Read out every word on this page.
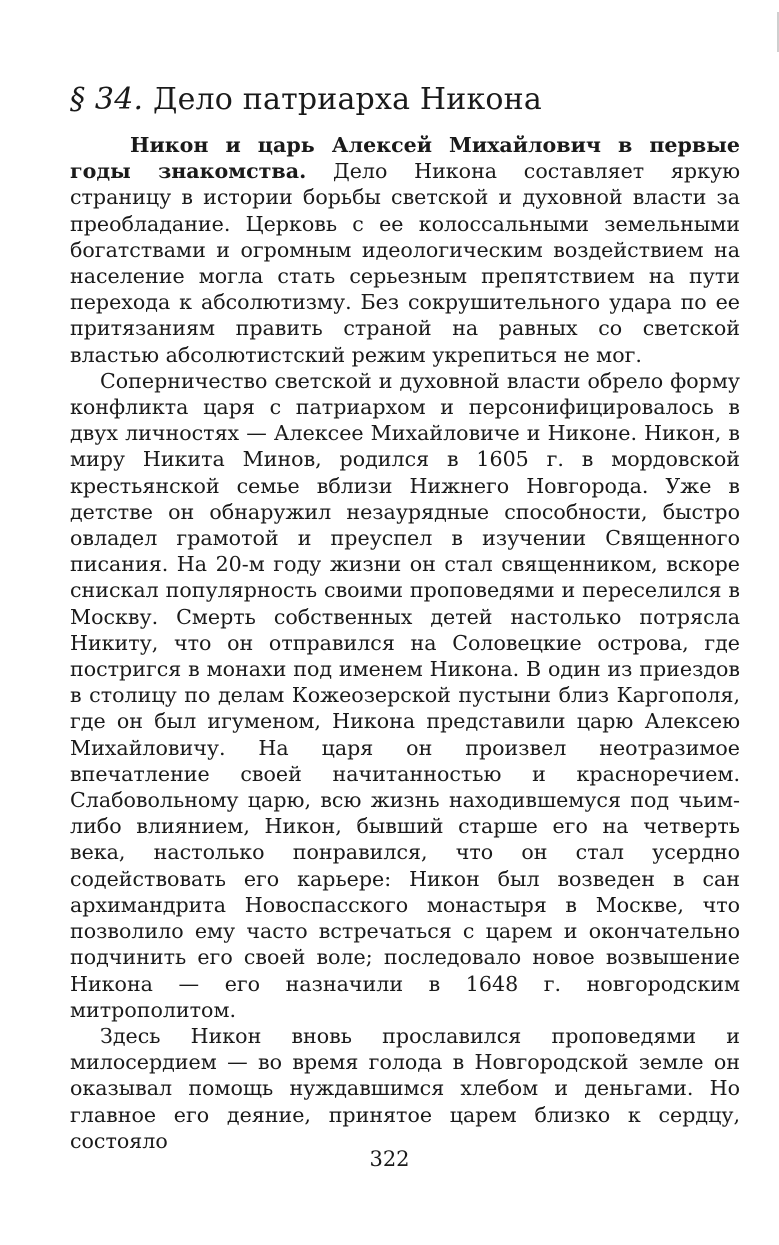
§ 34. Дело патриарха Никона

Никон и царь Алексей Михайлович в первые годы знакомства. Дело Никона составляет яркую страницу в истории борьбы светской и духовной власти за преобладание. Церковь с ее колоссальными земельными богатствами и огромным идеологическим воздействием на население могла стать серьезным препятствием на пути перехода к абсолютизму. Без сокрушительного удара по ее притязаниям править страной на равных со светской властью абсолютистский режим укрепиться не мог.

Соперничество светской и духовной власти обрело форму конфликта царя с патриархом и персонифицировалось в двух личностях — Алексее Михайловиче и Никоне. Никон, в миру Никита Минов, родился в 1605 г. в мордовской крестьянской семье вблизи Нижнего Новгорода. Уже в детстве он обнаружил незаурядные способности, быстро овладел грамотой и преуспел в изучении Священного писания. На 20-м году жизни он стал священником, вскоре снискал популярность своими проповедями и переселился в Москву. Смерть собственных детей настолько потрясла Никиту, что он отправился на Соловецкие острова, где постригся в монахи под именем Никона. В один из приездов в столицу по делам Кожеозерской пустыни близ Каргополя, где он был игуменом, Никона представили царю Алексею Михайловичу. На царя он произвел неотразимое впечатление своей начитанностью и красноречием. Слабовольному царю, всю жизнь находившемуся под чьим-либо влиянием, Никон, бывший старше его на четверть века, настолько понравился, что он стал усердно содействовать его карьере: Никон был возведен в сан архимандрита Новоспасского монастыря в Москве, что позволило ему часто встречаться с царем и окончательно подчинить его своей воле; последовало новое возвышение Никона — его назначили в 1648 г. новгородским митрополитом.

Здесь Никон вновь прославился проповедями и милосердием — во время голода в Новгородской земле он оказывал помощь нуждавшимся хлебом и деньгами. Но главное его деяние, принятое царем близко к сердцу, состояло

322
